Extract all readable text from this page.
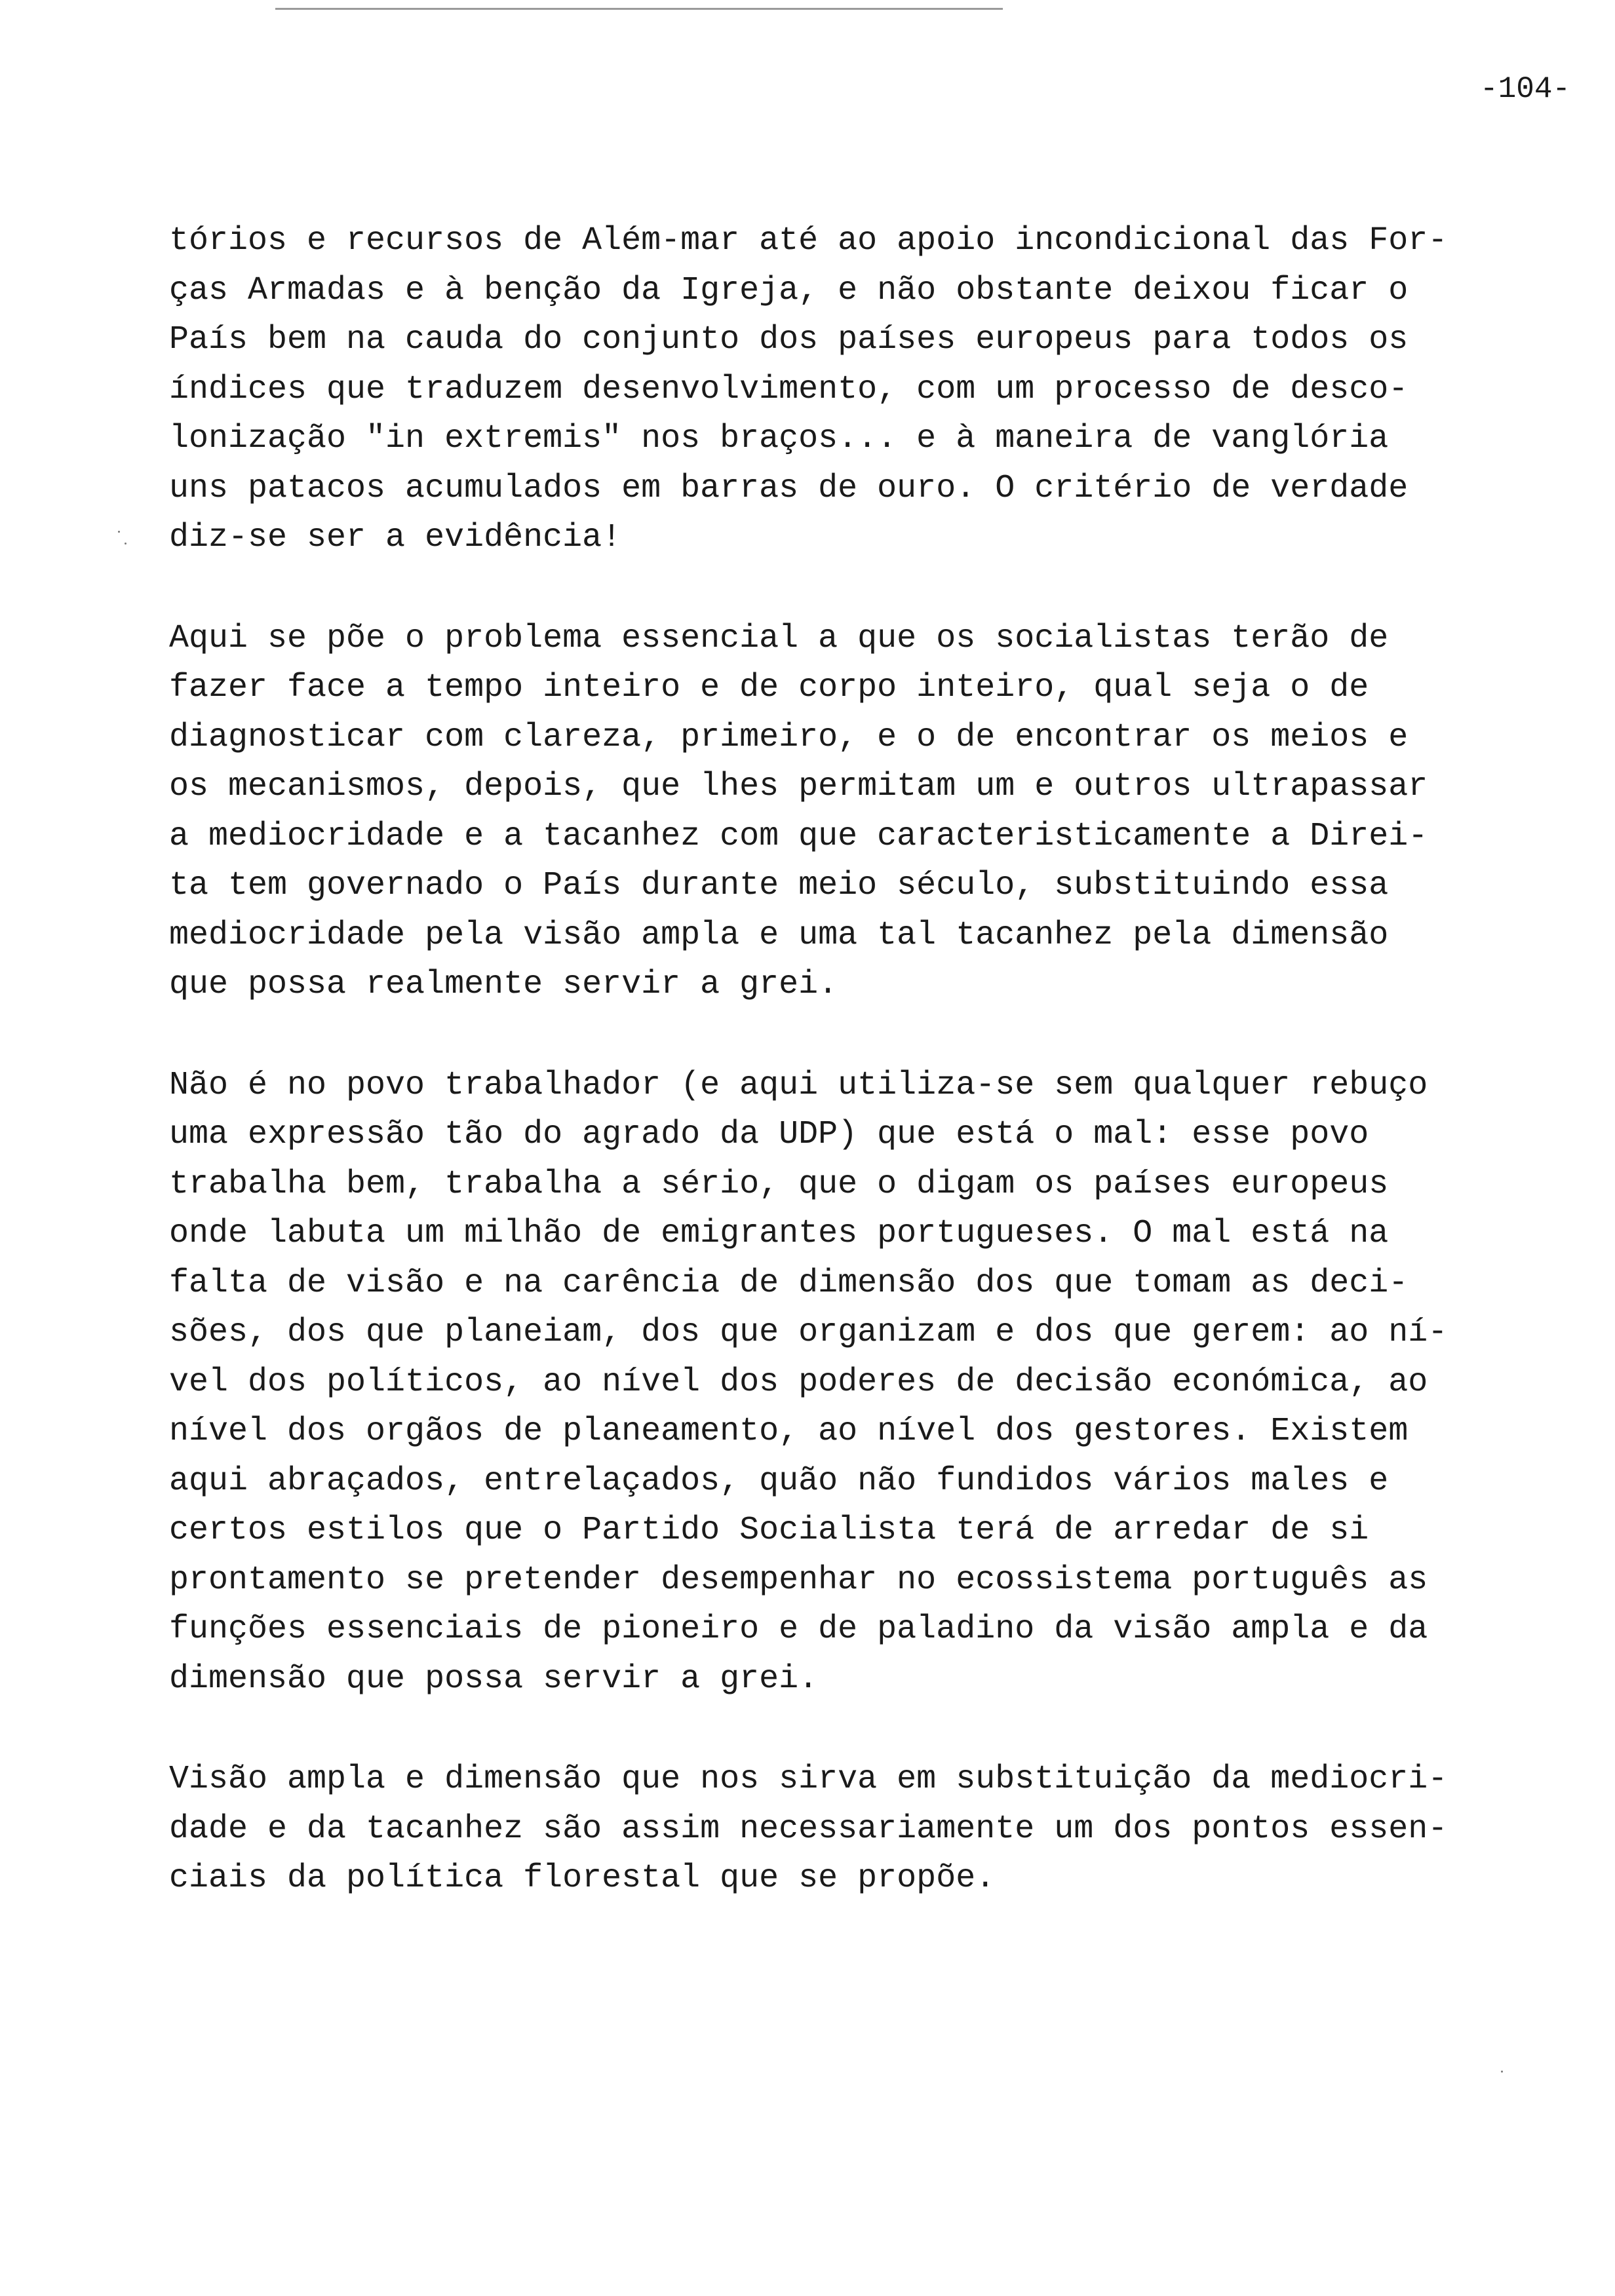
-104-
tórios e recursos de Além-mar até ao apoio incondicional das For-
ças Armadas e à benção da Igreja, e não obstante deixou ficar o
País bem na cauda do conjunto dos países europeus para todos os
índices que traduzem desenvolvimento, com um processo de desco-
lonização "in extremis" nos braços... e à maneira de vanglória
uns patacos acumulados em barras de ouro. O critério de verdade
diz-se ser a evidência!
Aqui se põe o problema essencial a que os socialistas terão de
fazer face a tempo inteiro e de corpo inteiro, qual seja o de
diagnosticar com clareza, primeiro, e o de encontrar os meios e
os mecanismos, depois, que lhes permitam um e outros ultrapassar
a mediocridade e a tacanhez com que caracteristicamente a Direi-
ta tem governado o País durante meio século, substituindo essa
mediocridade pela visão ampla e uma tal tacanhez pela dimensão
que possa realmente servir a grei.
Não é no povo trabalhador (e aqui utiliza-se sem qualquer rebuço
uma expressão tão do agrado da UDP) que está o mal: esse povo
trabalha bem, trabalha a sério, que o digam os países europeus
onde labuta um milhão de emigrantes portugueses. O mal está na
falta de visão e na carência de dimensão dos que tomam as deci-
sões, dos que planeiam, dos que organizam e dos que gerem: ao ní-
vel dos políticos, ao nível dos poderes de decisão económica, ao
nível dos orgãos de planeamento, ao nível dos gestores. Existem
aqui abraçados, entrelaçados, quão não fundidos vários males e
certos estilos que o Partido Socialista terá de arredar de si
prontamento se pretender desempenhar no ecossistema português as
funções essenciais de pioneiro e de paladino da visão ampla e da
dimensão que possa servir a grei.
Visão ampla e dimensão que nos sirva em substituição da mediocri-
dade e da tacanhez são assim necessariamente um dos pontos essen-
ciais da política florestal que se propõe.
